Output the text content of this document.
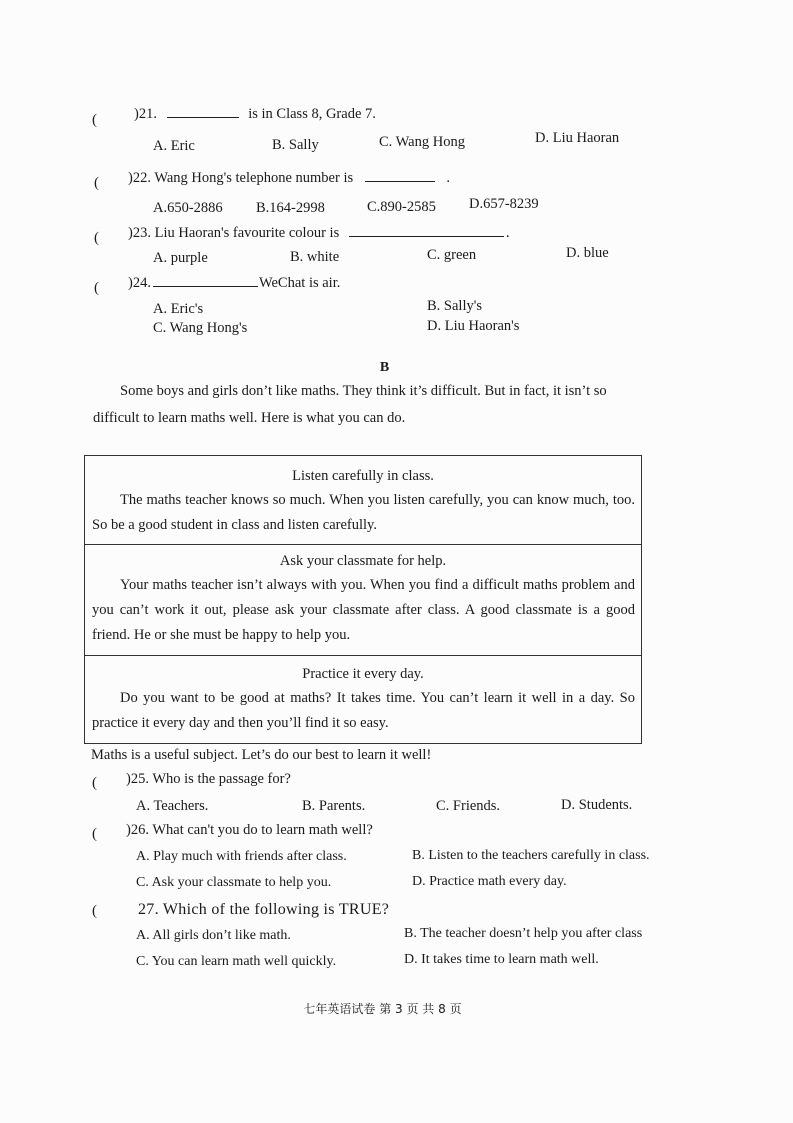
(	)21.	is in Class 8, Grade 7.
A. Eric	B. Sally	C. Wang Hong	D. Liu Haoran
( )22. Wang Hong's telephone number is	.
A.650-2886 B.164-2998	C.890-2585 D.657-8239
( )23. Liu Haoran's favourite colour is	.
A. purple	B. white	C. green	D. blue
( )24.	WeChat is air.
A. Eric's	B. Sally's
C. Wang Hong's	D. Liu Haoran's
B
Some boys and girls don’t like maths. They think it’s difficult. But in fact, it isn’t so
difficult to learn maths well. Here is what you can do.
Listen carefully in class.
The maths teacher knows so much. When you listen carefully, you can know much, too. So be a good student in class and listen carefully.
Ask your classmate for help.
Your maths teacher isn’t always with you. When you find a difficult maths problem and you can’t work it out, please ask your classmate after class. A good classmate is a good friend. He or she must be happy to help you.
Practice it every day.
Do you want to be good at maths? It takes time. You can’t learn it well in a day. So practice it every day and then you’ll find it so easy.
Maths is a useful subject. Let’s do our best to learn it well!
( )25. Who is the passage for?
A. Teachers.	B. Parents.	C. Friends.	D. Students.
( )26. What can't you do to learn math well?
A. Play much with friends after class.	B. Listen to the teachers carefully in class.
C. Ask your classmate to help you.	D. Practice math every day.
(	27. Which of the following is TRUE?
A. All girls don’t like math.	B. The teacher doesn’t help you after class
C. You can learn math well quickly.	D. It takes time to learn math well.
七年英语试卷 第 3 页 共 8 页
